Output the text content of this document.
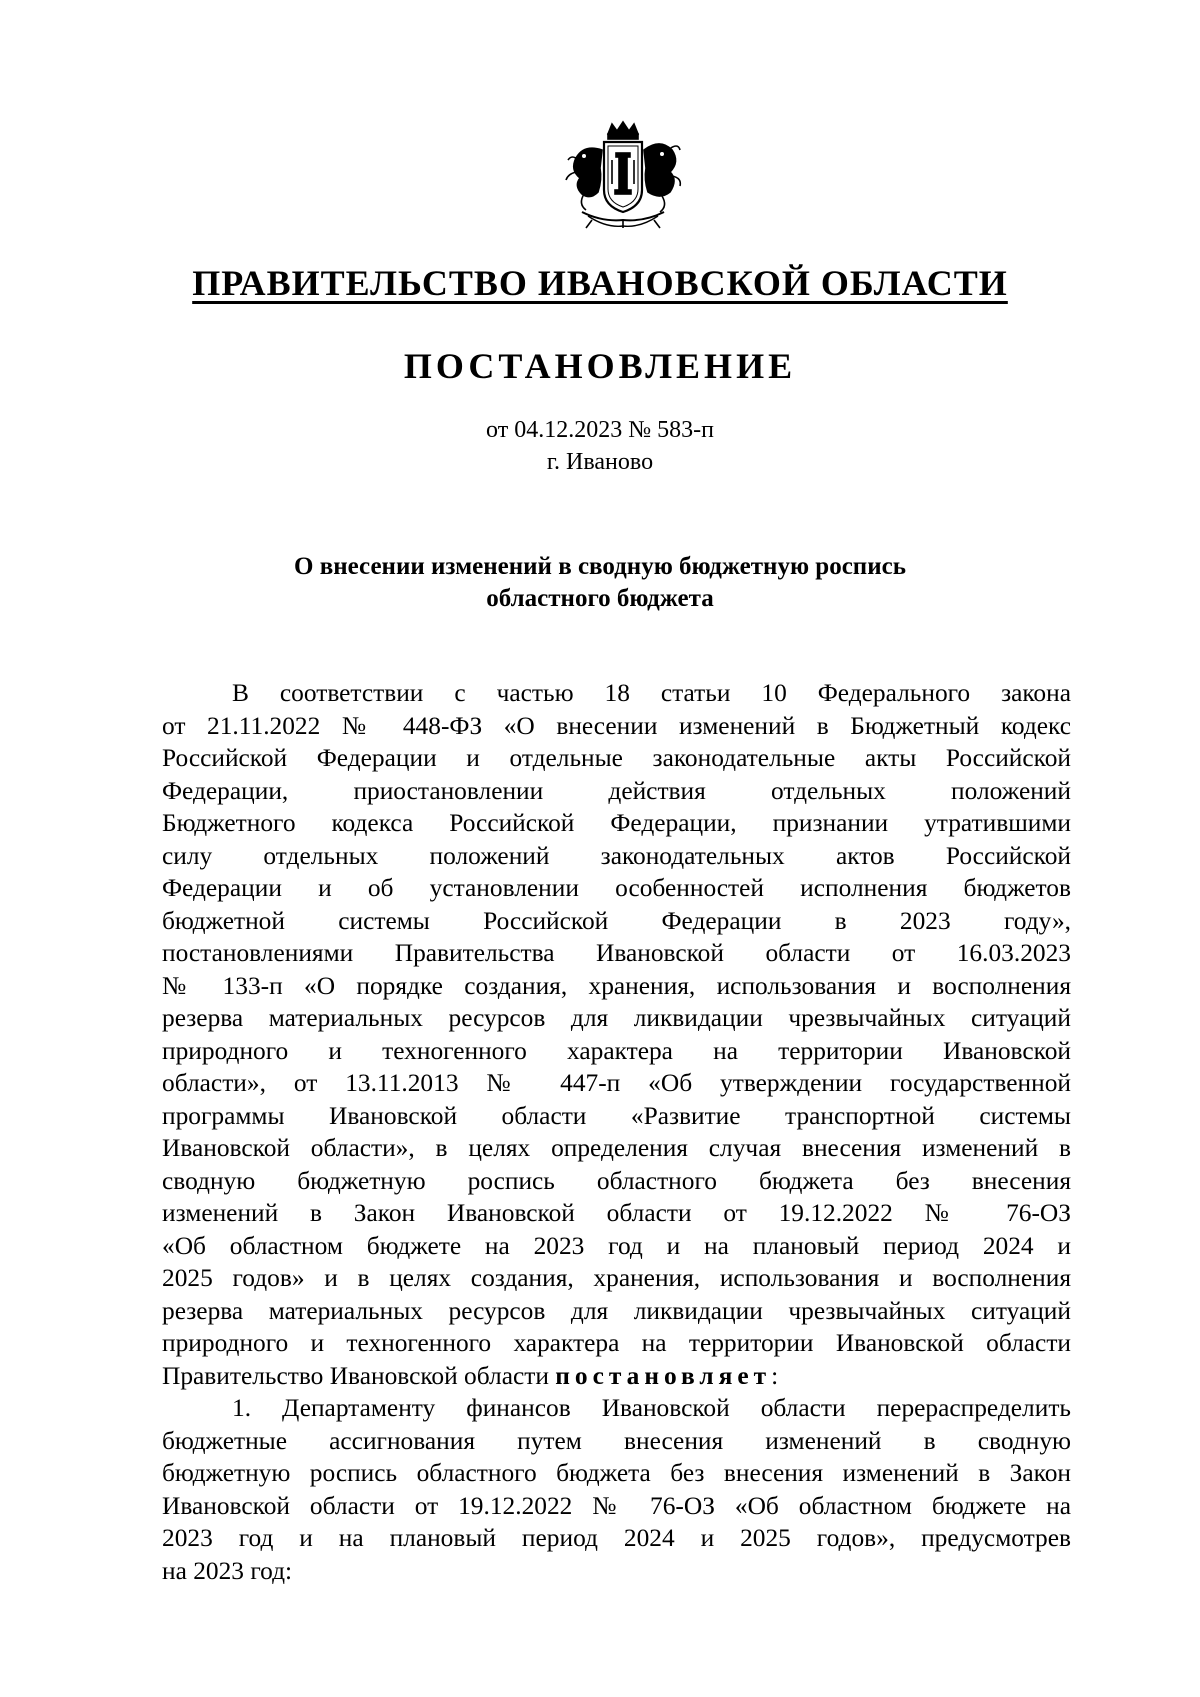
ПРАВИТЕЛЬСТВО ИВАНОВСКОЙ ОБЛАСТИ
ПОСТАНОВЛЕНИЕ
от 04.12.2023 № 583-п
г. Иваново
О внесении изменений в сводную бюджетную роспись
областного бюджета
В соответствии с частью 18 статьи 10 Федерального закона
от 21.11.2022 № 448-ФЗ «О внесении изменений в Бюджетный кодекс
Российской Федерации и отдельные законодательные акты Российской
Федерации, приостановлении действия отдельных положений
Бюджетного кодекса Российской Федерации, признании утратившими
силу отдельных положений законодательных актов Российской
Федерации и об установлении особенностей исполнения бюджетов
бюджетной системы Российской Федерации в 2023 году»,
постановлениями Правительства Ивановской области от 16.03.2023
№ 133-п «О порядке создания, хранения, использования и восполнения
резерва материальных ресурсов для ликвидации чрезвычайных ситуаций
природного и техногенного характера на территории Ивановской
области», от 13.11.2013 № 447-п «Об утверждении государственной
программы Ивановской области «Развитие транспортной системы
Ивановской области», в целях определения случая внесения изменений в
сводную бюджетную роспись областного бюджета без внесения
изменений в Закон Ивановской области от 19.12.2022 № 76-ОЗ
«Об областном бюджете на 2023 год и на плановый период 2024 и
2025 годов» и в целях создания, хранения, использования и восполнения
резерва материальных ресурсов для ликвидации чрезвычайных ситуаций
природного и техногенного характера на территории Ивановской области
Правительство Ивановской области постановляет:
1. Департаменту финансов Ивановской области перераспределить
бюджетные ассигнования путем внесения изменений в сводную
бюджетную роспись областного бюджета без внесения изменений в Закон
Ивановской области от 19.12.2022 № 76-ОЗ «Об областном бюджете на
2023 год и на плановый период 2024 и 2025 годов», предусмотрев
на 2023 год:
